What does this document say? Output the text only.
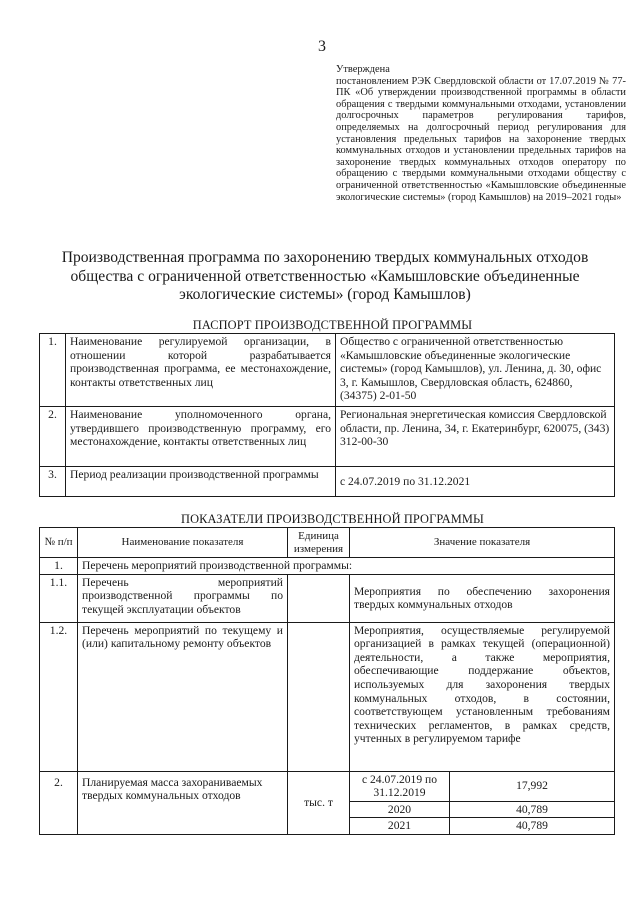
3
Утверждена
постановлением РЭК Свердловской области от 17.07.2019 № 77-ПК «Об утверждении производственной программы в области обращения с твердыми коммунальными отходами, установлении долгосрочных параметров регулирования тарифов, определяемых на долгосрочный период регулирования для установления предельных тарифов на захоронение твердых коммунальных отходов и установлении предельных тарифов на захоронение твердых коммунальных отходов оператору по обращению с твердыми коммунальными отходами обществу с ограниченной ответственностью «Камышловские объединенные экологические системы» (город Камышлов) на 2019–2021 годы»
Производственная программа по захоронению твердых коммунальных отходов общества с ограниченной ответственностью «Камышловские объединенные экологические системы» (город Камышлов)
ПАСПОРТ ПРОИЗВОДСТВЕННОЙ ПРОГРАММЫ
1.	Наименование регулируемой организации, в отношении которой разрабатывается производственная программа, ее местонахождение, контакты ответственных лиц	Общество с ограниченной ответственностью «Камышловские объединенные экологические системы» (город Камышлов), ул. Ленина, д. 30, офис 3, г. Камышлов, Свердловская область, 624860, (34375) 2-01-50
2.	Наименование уполномоченного органа, утвердившего производственную программу, его местонахождение, контакты ответственных лиц	Региональная энергетическая комиссия Свердловской области, пр. Ленина, 34, г. Екатеринбург, 620075, (343) 312-00-30
3.	Период реализации производственной программы	с 24.07.2019 по 31.12.2021
ПОКАЗАТЕЛИ ПРОИЗВОДСТВЕННОЙ ПРОГРАММЫ
№ п/п	Наименование показателя	Единица измерения	Значение показателя	
1.	Перечень мероприятий производственной программы:			
1.1.	Перечень мероприятий производственной программы по текущей эксплуатации объектов		Мероприятия по обеспечению захоронения твердых коммунальных отходов	
1.2.	Перечень мероприятий по текущему и (или) капитальному ремонту объектов		Мероприятия, осуществляемые регулируемой организацией в рамках текущей (операционной) деятельности, а также мероприятия, обеспечивающие поддержание объектов, используемых для захоронения твердых коммунальных отходов, в состоянии, соответствующем установленным требованиям технических регламентов, в рамках средств, учтенных в регулируемом тарифе	
2.	Планируемая масса захораниваемых твердых коммунальных отходов	тыс. т	с 24.07.2019 по 31.12.2019	17,992
			2020	40,789
			2021	40,789
